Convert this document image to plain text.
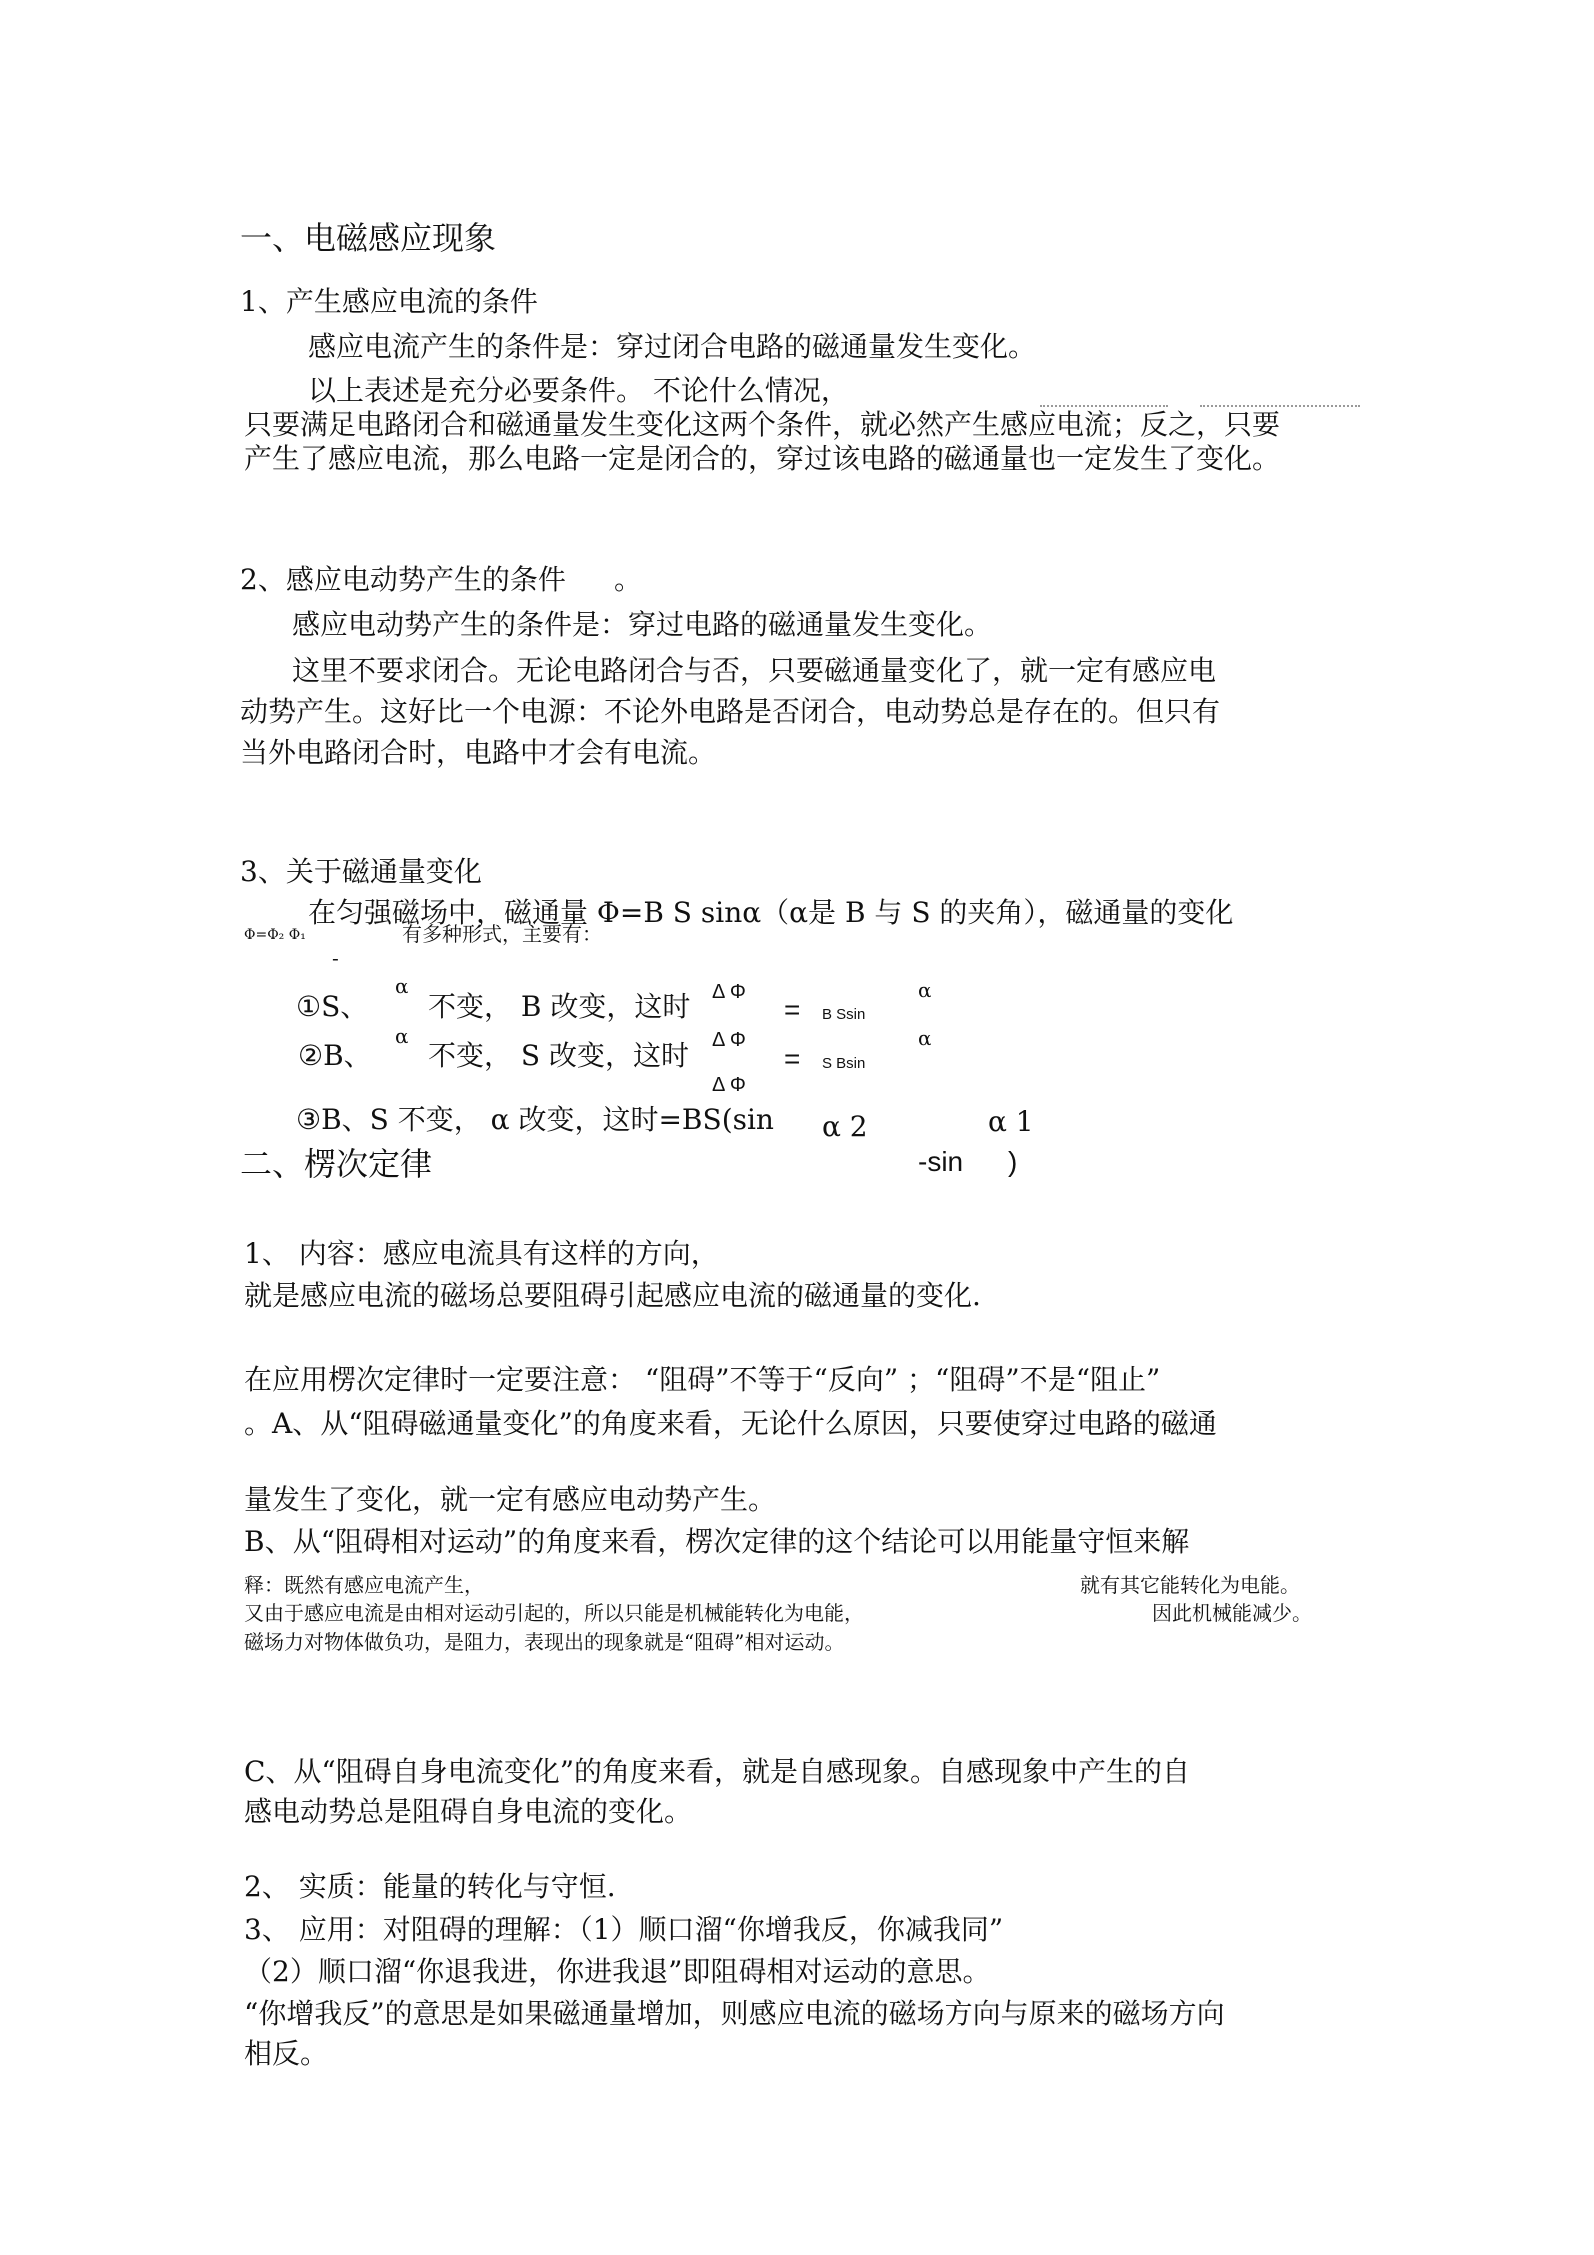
一、电磁感应现象
1、产生感应电流的条件
感应电流产生的条件是：穿过闭合电路的磁通量发生变化。
以上表述是充分必要条件。 不论什么情况，
只要满足电路闭合和磁通量发生变化这两个条件，就必然产生感应电流；反之，只要
产生了感应电流，那么电路一定是闭合的，穿过该电路的磁通量也一定发生了变化。
2、感应电动势产生的条件 。
感应电动势产生的条件是：穿过电路的磁通量发生变化。
这里不要求闭合。无论电路闭合与否，只要磁通量变化了，就一定有感应电
动势产生。这好比一个电源：不论外电路是否闭合，电动势总是存在的。但只有
当外电路闭合时，电路中才会有电流。
3、关于磁通量变化
在匀强磁场中，磁通量 Φ=B S sinα（α是 B 与 S 的夹角），磁通量的变化
Φ=Φ₂ Φ₁
-
有多种形式，主要有：
①S、
α
不变， B 改变，这时 Δ Φ
= B Ssin
α
②B、
α
不变， S 改变，这时 Δ Φ
= S Bsin
α
Δ Φ
③B、S 不变， α 改变，这时=BS(sin α 2	α 1
二、楞次定律	-sin )
1、 内容：感应电流具有这样的方向，
就是感应电流的磁场总要阻碍引起感应电流的磁通量的变化.
在应用楞次定律时一定要注意： “阻碍”不等于“反向” ；“阻碍”不是“阻止”
。A、从“阻碍磁通量变化”的角度来看，无论什么原因，只要使穿过电路的磁通
量发生了变化，就一定有感应电动势产生。
B、从“阻碍相对运动”的角度来看，楞次定律的这个结论可以用能量守恒来解
释：既然有感应电流产生，	就有其它能转化为电能。
又由于感应电流是由相对运动引起的，所以只能是机械能转化为电能，	因此机械能减少。
磁场力对物体做负功，是阻力，表现出的现象就是“阻碍”相对运动。
C、从“阻碍自身电流变化”的角度来看，就是自感现象。自感现象中产生的自
感电动势总是阻碍自身电流的变化。
2、 实质：能量的转化与守恒.
3、 应用：对阻碍的理解：（1）顺口溜“你增我反，你减我同”
（2）顺口溜“你退我进，你进我退”即阻碍相对运动的意思。
“你增我反”的意思是如果磁通量增加，则感应电流的磁场方向与原来的磁场方向
相反。
